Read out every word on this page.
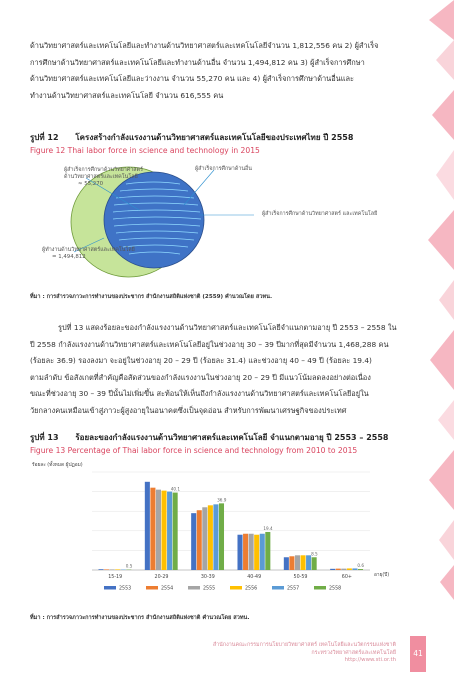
ด้านวิทยาศาสตร์และเทคโนโลยีและทำงานด้านวิทยาศาสตร์และเทคโนโลยีจำนวน 1,812,556 คน 2) ผู้สำเร็จ
การศึกษาด้านวิทยาศาสตร์และเทคโนโลยีและทำงานด้านอื่น จำนวน 1,494,812 คน 3) ผู้สำเร็จการศึกษา
ด้านวิทยาศาสตร์และเทคโนโลยีและว่างงาน จำนวน 55,270 คน และ 4) ผู้สำเร็จการศึกษาด้านอื่นและ
ทำงานด้านวิทยาศาสตร์และเทคโนโลยี จำนวน 616,555 คน
รูปที่ 12 โครงสร้างกำลังแรงงานด้านวิทยาศาสตร์และเทคโนโลยีของประเทศไทย ปี 2558
Figure 12 Thai labor force in science and technology in 2015
ผู้สำเร็จการศึกษาด้านวิทยาศาสตร์
ด้านวิทยาศาสตร์และเทคโนโลยี
≈ 55,270
ผู้สำเร็จการศึกษาด้านอื่น
ผู้สำเร็จการศึกษาด้านวิทยาศาสตร์ และเทคโนโลยี
ผู้ทำงานด้านวิทยาศาสตร์และเทคโนโลยี
= 1,494,812
ที่มา : การสำรวจภาวะการทำงานของประชากร สำนักงานสถิติแห่งชาติ (2559) คำนวณโดย สวทน.
รูปที่ 13 แสดงร้อยละของกำลังแรงงานด้านวิทยาศาสตร์และเทคโนโลยีจำแนกตามอายุ ปี 2553 – 2558 ใน
ปี 2558 กำลังแรงงานด้านวิทยาศาสตร์และเทคโนโลยีอยู่ในช่วงอายุ 30 – 39 ปีมากที่สุดมีจำนวน 1,468,288 คน
(ร้อยละ 36.9) รองลงมา จะอยู่ในช่วงอายุ 20 – 29 ปี (ร้อยละ 31.4) และช่วงอายุ 40 – 49 ปี (ร้อยละ 19.4)
ตามลำดับ ข้อสังเกตที่สำคัญคือสัดส่วนของกำลังแรงงานในช่วงอายุ 20 – 29 ปี มีแนวโน้มลดลงอย่างต่อเนื่อง
ขณะที่ช่วงอายุ 30 – 39 ปีนั้นไม่เพิ่มขึ้น สะท้อนให้เห็นถึงกำลังแรงงานด้านวิทยาศาสตร์และเทคโนโลยีอยู่ใน
วัยกลางคนเหมือนเข้าสู่ภาวะผู้สูงอายุในอนาคตซึ่งเป็นจุดอ่อน สำหรับการพัฒนาเศรษฐกิจของประเทศ
รูปที่ 13 ร้อยละของกำลังแรงงานด้านวิทยาศาสตร์และเทคโนโลยี จำแนกตามอายุ ปี 2553 – 2558
Figure 13 Percentage of Thai labor force in science and technology from 2010 to 2015
ร้อยละ (ทั้งหมด ผู้ปฏอม)
15-19	20-29	30-39	40-49	50-59	60+
0.5
40.1
36.9
19.4
8.5
0.6
อายุ(ปี)
2553	2554	2555	2556	2557	2558
ที่มา : การสำรวจภาวะการทำงานของประชากร สำนักงานสถิติแห่งชาติ คำนวณโดย สวทน.
สำนักงานคณะกรรมการนโยบายวิทยาศาสตร์ เทคโนโลยีและนวัตกรรมแห่งชาติ
กระทรวงวิทยาศาสตร์และเทคโนโลยี
http://www.sti.or.th
41
